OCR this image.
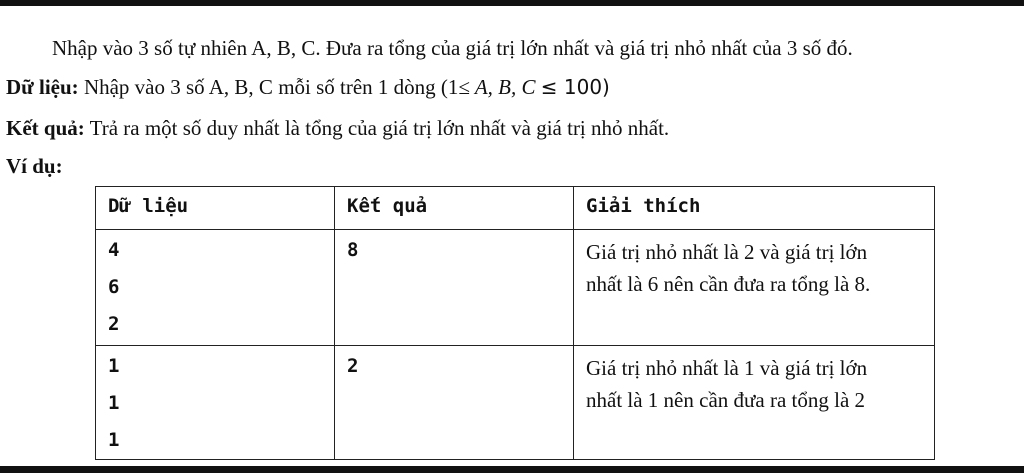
Nhập vào 3 số tự nhiên A, B, C. Đưa ra tổng của giá trị lớn nhất và giá trị nhỏ nhất của 3 số đó.
Dữ liệu: Nhập vào 3 số A, B, C mỗi số trên 1 dòng (1≤ A, B, C ≤ 100)
Kết quả: Trả ra một số duy nhất là tổng của giá trị lớn nhất và giá trị nhỏ nhất.
Ví dụ:
Dữ liệu	Kết quả	Giải thích

4
6
2	8	Giá trị nhỏ nhất là 2 và giá trị lớn
nhất là 6 nên cần đưa ra tổng là 8.

1
1
1	2	Giá trị nhỏ nhất là 1 và giá trị lớn
nhất là 1 nên cần đưa ra tổng là 2
